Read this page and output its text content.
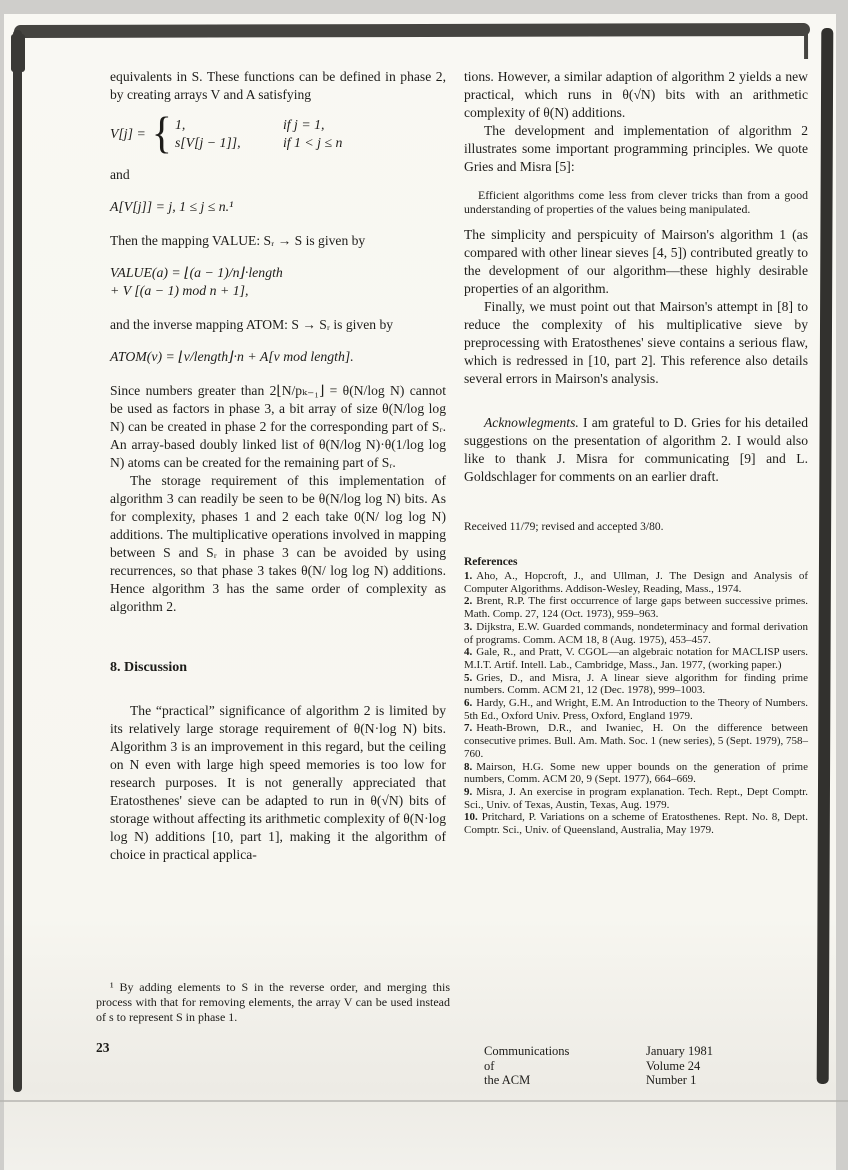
equivalents in S. These functions can be defined in phase 2, by creating arrays V and A satisfying

V[j] = { 1,	if j = 1,
s[V[j − 1]],	if 1 < j ≤ n

and

A[V[j]] = j, 1 ≤ j ≤ n.¹

Then the mapping VALUE: Sᵣ → S is given by

VALUE(a) = ⌊(a − 1)/n⌋·length
+ V [(a − 1) mod n + 1],

and the inverse mapping ATOM: S → Sᵣ is given by

ATOM(v) = ⌊v/length⌋·n + A[v mod length].

Since numbers greater than 2⌊N/pₖ₋₁⌋ = θ(N/log N) cannot be used as factors in phase 3, a bit array of size θ(N/log log N) can be created in phase 2 for the corresponding part of Sᵣ. An array-based doubly linked list of θ(N/log N)·θ(1/log log N) atoms can be created for the remaining part of Sᵣ.

The storage requirement of this implementation of algorithm 3 can readily be seen to be θ(N/log log N) bits. As for complexity, phases 1 and 2 each take 0(N/ log log N) additions. The multiplicative operations involved in mapping between S and Sᵣ in phase 3 can be avoided by using recurrences, so that phase 3 takes θ(N/ log log N) additions. Hence algorithm 3 has the same order of complexity as algorithm 2.

8. Discussion

The “practical” significance of algorithm 2 is limited by its relatively large storage requirement of θ(N·log N) bits. Algorithm 3 is an improvement in this regard, but the ceiling on N even with large high speed memories is too low for research purposes. It is not generally appreciated that Eratosthenes' sieve can be adapted to run in θ(√N) bits of storage without affecting its arithmetic complexity of θ(N·log log N) additions [10, part 1], making it the algorithm of choice in practical applica-

tions. However, a similar adaption of algorithm 2 yields a new practical, which runs in θ(√N) bits with an arithmetic complexity of θ(N) additions.

The development and implementation of algorithm 2 illustrates some important programming principles. We quote Gries and Misra [5]:

Efficient algorithms come less from clever tricks than from a good understanding of properties of the values being manipulated.

The simplicity and perspicuity of Mairson's algorithm 1 (as compared with other linear sieves [4, 5]) contributed greatly to the development of our algorithm—these highly desirable properties of an algorithm.

Finally, we must point out that Mairson's attempt in [8] to reduce the complexity of his multiplicative sieve by preprocessing with Eratosthenes' sieve contains a serious flaw, which is redressed in [10, part 2]. This reference also details several errors in Mairson's analysis.

Acknowlegments. I am grateful to D. Gries for his detailed suggestions on the presentation of algorithm 2. I would also like to thank J. Misra for communicating [9] and L. Goldschlager for comments on an earlier draft.

Received 11/79; revised and accepted 3/80.

References

1. Aho, A., Hopcroft, J., and Ullman, J. The Design and Analysis of Computer Algorithms. Addison-Wesley, Reading, Mass., 1974.

2. Brent, R.P. The first occurrence of large gaps between successive primes. Math. Comp. 27, 124 (Oct. 1973), 959–963.

3. Dijkstra, E.W. Guarded commands, nondeterminacy and formal derivation of programs. Comm. ACM 18, 8 (Aug. 1975), 453–457.

4. Gale, R., and Pratt, V. CGOL—an algebraic notation for MACLISP users. M.I.T. Artif. Intell. Lab., Cambridge, Mass., Jan. 1977, (working paper.)

5. Gries, D., and Misra, J. A linear sieve algorithm for finding prime numbers. Comm. ACM 21, 12 (Dec. 1978), 999–1003.

6. Hardy, G.H., and Wright, E.M. An Introduction to the Theory of Numbers. 5th Ed., Oxford Univ. Press, Oxford, England 1979.

7. Heath-Brown, D.R., and Iwaniec, H. On the difference between consecutive primes. Bull. Am. Math. Soc. 1 (new series), 5 (Sept. 1979), 758–760.

8. Mairson, H.G. Some new upper bounds on the generation of prime numbers, Comm. ACM 20, 9 (Sept. 1977), 664–669.

9. Misra, J. An exercise in program explanation. Tech. Rept., Dept Comptr. Sci., Univ. of Texas, Austin, Texas, Aug. 1979.

10. Pritchard, P. Variations on a scheme of Eratosthenes. Rept. No. 8, Dept. Comptr. Sci., Univ. of Queensland, Australia, May 1979.

¹ By adding elements to S in the reverse order, and merging this process with that for removing elements, the array V can be used instead of s to represent S in phase 1.
23	Communications
of
the ACM
January 1981
Volume 24
Number 1
